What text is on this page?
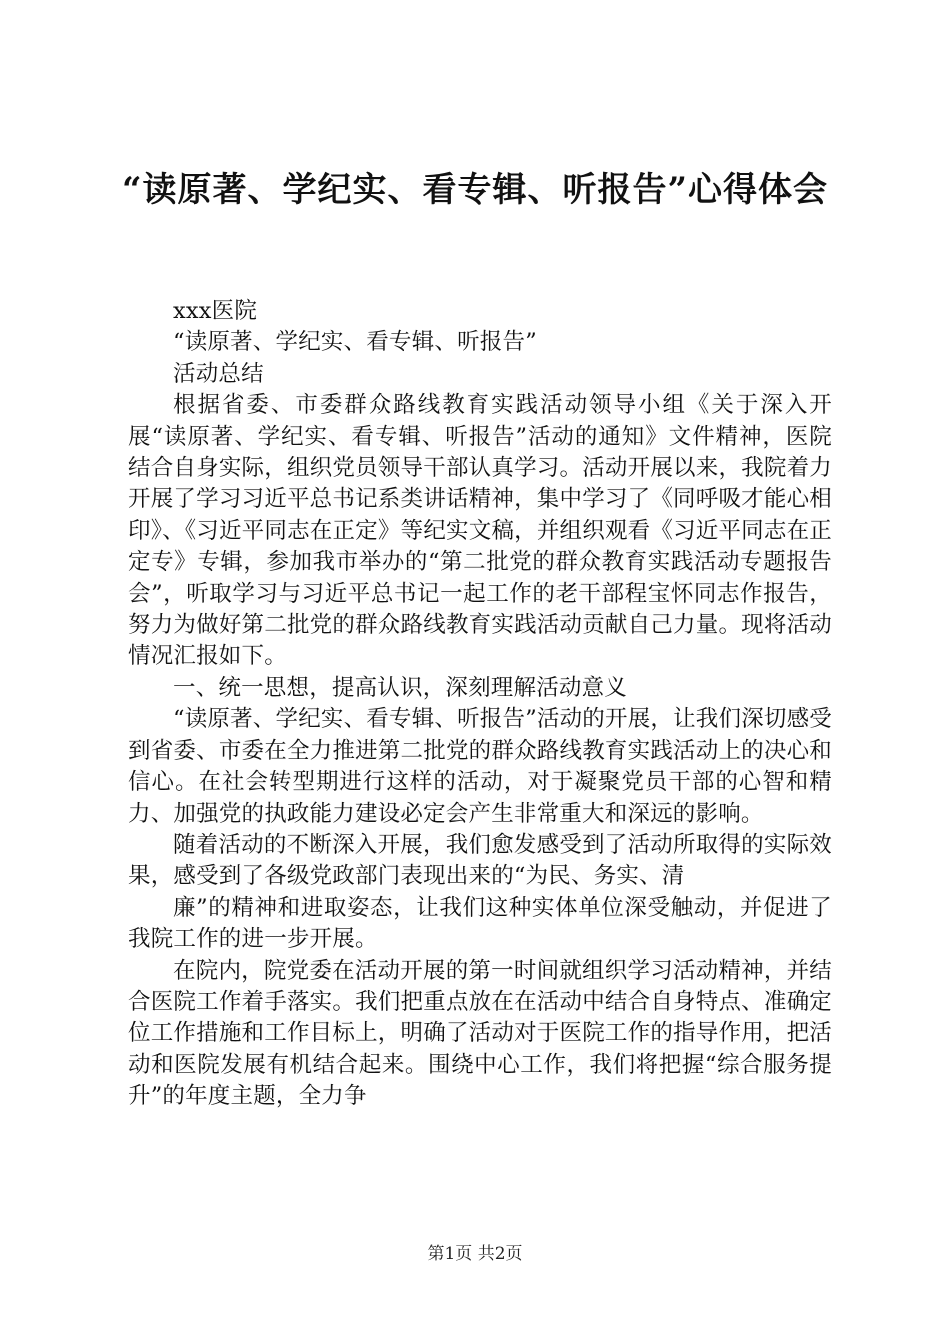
“读原著、学纪实、看专辑、听报告”心得体会

xxx医院

“读原著、学纪实、看专辑、听报告”

活动总结

根据省委、市委群众路线教育实践活动领导小组《关于深入开展“读原著、学纪实、看专辑、听报告”活动的通知》文件精神，医院结合自身实际，组织党员领导干部认真学习。活动开展以来，我院着力开展了学习习近平总书记系类讲话精神，集中学习了《同呼吸才能心相印》、《习近平同志在正定》等纪实文稿，并组织观看《习近平同志在正定专》专辑，参加我市举办的“第二批党的群众教育实践活动专题报告会”，听取学习与习近平总书记一起工作的老干部程宝怀同志作报告，努力为做好第二批党的群众路线教育实践活动贡献自己力量。现将活动情况汇报如下。

一、统一思想，提高认识，深刻理解活动意义

“读原著、学纪实、看专辑、听报告”活动的开展，让我们深切感受到省委、市委在全力推进第二批党的群众路线教育实践活动上的决心和信心。在社会转型期进行这样的活动，对于凝聚党员干部的心智和精力、加强党的执政能力建设必定会产生非常重大和深远的影响。

随着活动的不断深入开展，我们愈发感受到了活动所取得的实际效果，感受到了各级党政部门表现出来的“为民、务实、清

廉”的精神和进取姿态，让我们这种实体单位深受触动，并促进了我院工作的进一步开展。

在院内，院党委在活动开展的第一时间就组织学习活动精神，并结合医院工作着手落实。我们把重点放在在活动中结合自身特点、准确定位工作措施和工作目标上，明确了活动对于医院工作的指导作用，把活动和医院发展有机结合起来。围绕中心工作，我们将把握“综合服务提升”的年度主题，全力争

第1页 共2页
